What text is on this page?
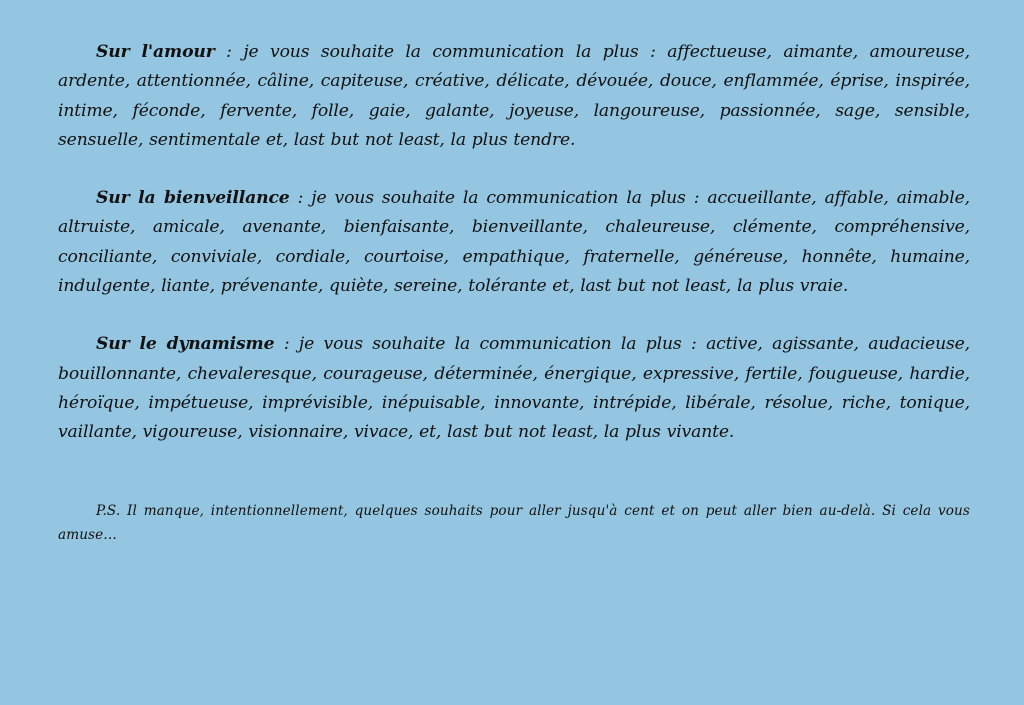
Sur l'amour : je vous souhaite la communication la plus : affectueuse, aimante, amoureuse, ardente, attentionnée, câline, capiteuse, créative, délicate, dévouée, douce, enflammée, éprise, inspirée, intime, féconde, fervente, folle, gaie, galante, joyeuse, langoureuse, passionnée, sage, sensible, sensuelle, sentimentale et, last but not least, la plus tendre.

Sur la bienveillance : je vous souhaite la communication la plus : accueillante, affable, aimable, altruiste, amicale, avenante, bienfaisante, bienveillante, chaleureuse, clémente, compréhensive, conciliante, conviviale, cordiale, courtoise, empathique, fraternelle, généreuse, honnête, humaine, indulgente, liante, prévenante, quiète, sereine, tolérante et, last but not least, la plus vraie.

Sur le dynamisme : je vous souhaite la communication la plus : active, agissante, audacieuse, bouillonnante, chevaleresque, courageuse, déterminée, énergique, expressive, fertile, fougueuse, hardie, héroïque, impétueuse, imprévisible, inépuisable, innovante, intrépide, libérale, résolue, riche, tonique, vaillante, vigoureuse, visionnaire, vivace, et, last but not least, la plus vivante.

P.S. Il manque, intentionnellement, quelques souhaits pour aller jusqu'à cent et on peut aller bien au-delà. Si cela vous amuse…
